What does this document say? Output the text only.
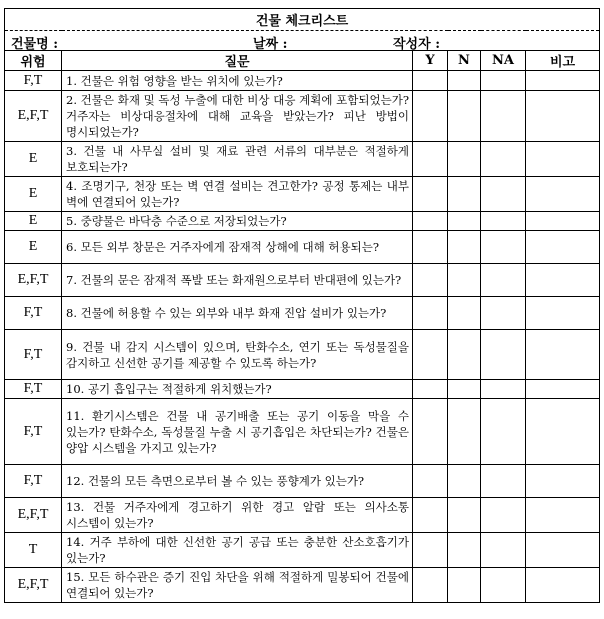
건물 체크리스트					

건물명 : 날짜 : 작성자 :					

위험	질문	Y	N	NA	비고
F,T	1. 건물은 위험 영향을 받는 위치에 있는가?				
E,F,T	2. 건물은 화재 및 독성 누출에 대한 비상 대응 계획에 포함되었는가? 거주자는 비상대응절차에 대해 교육을 받았는가? 피난 방법이 명시되었는가?				
E	3. 건물 내 사무실 설비 및 재료 관련 서류의 대부분은 적절하게 보호되는가?				
E	4. 조명기구, 천장 또는 벽 연결 설비는 견고한가? 공정 통제는 내부 벽에 연결되어 있는가?				
E	5. 중량물은 바닥층 수준으로 저장되었는가?				
E	6. 모든 외부 창문은 거주자에게 잠재적 상해에 대해 허용되는?				
E,F,T	7. 건물의 문은 잠재적 폭발 또는 화재원으로부터 반대편에 있는가?				
F,T	8. 건물에 허용할 수 있는 외부와 내부 화재 진압 설비가 있는가?				
F,T	9. 건물 내 감지 시스템이 있으며, 탄화수소, 연기 또는 독성물질을 감지하고 신선한 공기를 제공할 수 있도록 하는가?				
F,T	10. 공기 흡입구는 적절하게 위치했는가?				
F,T	11. 환기시스템은 건물 내 공기배출 또는 공기 이동을 막을 수 있는가? 탄화수소, 독성물질 누출 시 공기흡입은 차단되는가? 건물은 양압 시스템을 가지고 있는가?				
F,T	12. 건물의 모든 측면으로부터 볼 수 있는 풍향계가 있는가?				
E,F,T	13. 건물 거주자에게 경고하기 위한 경고 알람 또는 의사소통 시스템이 있는가?				
T	14. 거주 부하에 대한 신선한 공기 공급 또는 충분한 산소호흡기가 있는가?				
E,F,T	15. 모든 하수관은 증기 진입 차단을 위해 적절하게 밀봉되어 건물에 연결되어 있는가?				
